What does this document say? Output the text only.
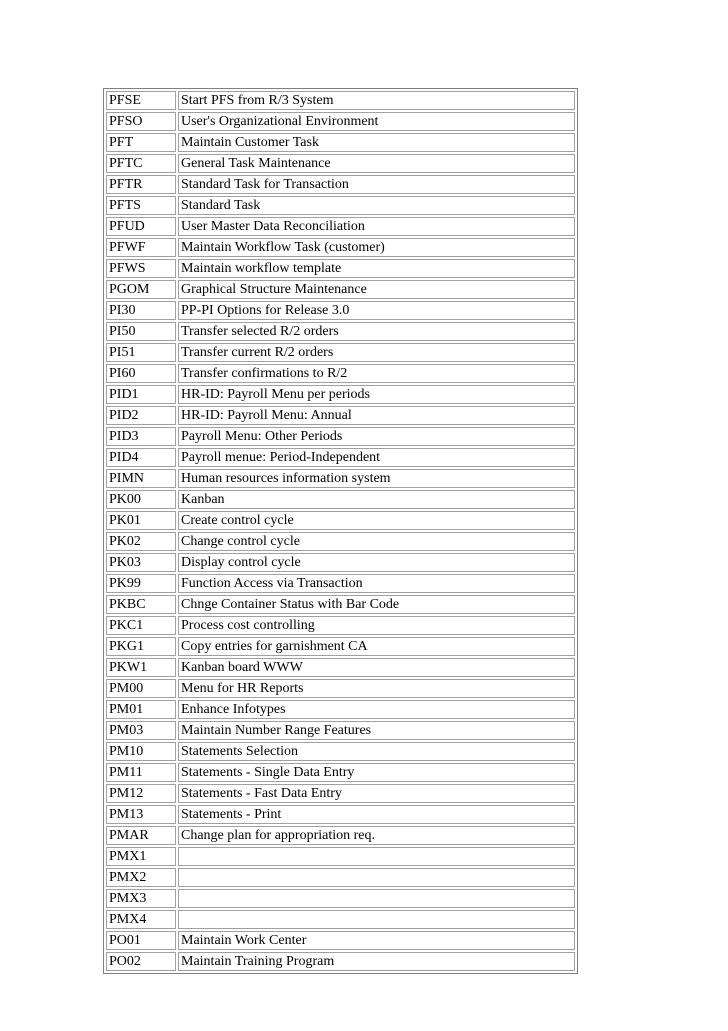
PFSE	Start PFS from R/3 System
PFSO	User's Organizational Environment
PFT	Maintain Customer Task
PFTC	General Task Maintenance
PFTR	Standard Task for Transaction
PFTS	Standard Task
PFUD	User Master Data Reconciliation
PFWF	Maintain Workflow Task (customer)
PFWS	Maintain workflow template
PGOM	Graphical Structure Maintenance
PI30	PP-PI Options for Release 3.0
PI50	Transfer selected R/2 orders
PI51	Transfer current R/2 orders
PI60	Transfer confirmations to R/2
PID1	HR-ID: Payroll Menu per periods
PID2	HR-ID: Payroll Menu: Annual
PID3	Payroll Menu: Other Periods
PID4	Payroll menue: Period-Independent
PIMN	Human resources information system
PK00	Kanban
PK01	Create control cycle
PK02	Change control cycle
PK03	Display control cycle
PK99	Function Access via Transaction
PKBC	Chnge Container Status with Bar Code
PKC1	Process cost controlling
PKG1	Copy entries for garnishment CA
PKW1	Kanban board WWW
PM00	Menu for HR Reports
PM01	Enhance Infotypes
PM03	Maintain Number Range Features
PM10	Statements Selection
PM11	Statements - Single Data Entry
PM12	Statements - Fast Data Entry
PM13	Statements - Print
PMAR	Change plan for appropriation req.
PMX1	
PMX2	
PMX3	
PMX4	
PO01	Maintain Work Center
PO02	Maintain Training Program
